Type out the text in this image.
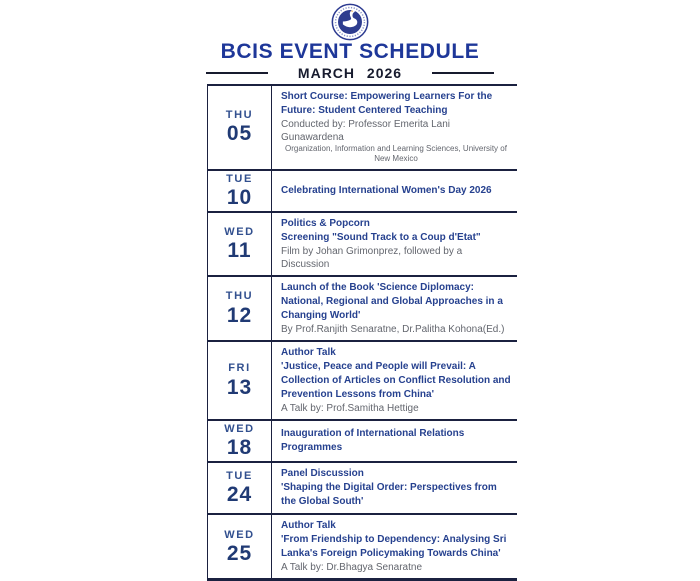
BCIS EVENT SCHEDULE
MARCH 2026
THU
05
Short Course: Empowering Learners For the Future: Student Centered Teaching
Conducted by: Professor Emerita Lani Gunawardena
Organization, Information and Learning Sciences, University of New Mexico
TUE
10	Celebrating International Women's Day 2026
WED
11
Politics & Popcorn
Screening "Sound Track to a Coup d'Etat"
Film by Johan Grimonprez, followed by a Discussion
THU
12
Launch of the Book 'Science Diplomacy: National, Regional and Global Approaches in a Changing World'
By Prof.Ranjith Senaratne, Dr.Palitha Kohona(Ed.)
FRI
13
Author Talk
'Justice, Peace and People will Prevail: A Collection of Articles on Conflict Resolution and Prevention Lessons from China'
A Talk by: Prof.Samitha Hettige
WED
18
Inauguration of International Relations Programmes
TUE
24
Panel Discussion
'Shaping the Digital Order: Perspectives from the Global South'
WED
25
Author Talk
'From Friendship to Dependency: Analysing Sri Lanka's Foreign Policymaking Towards China'
A Talk by: Dr.Bhagya Senaratne
